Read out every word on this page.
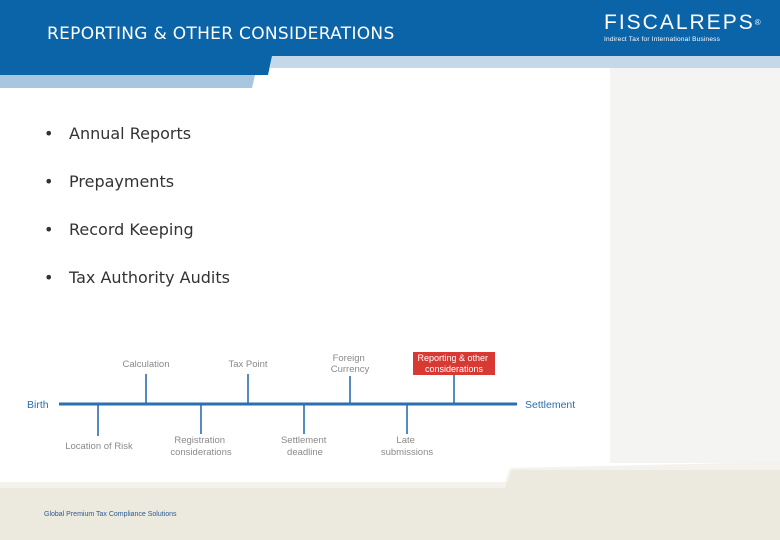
REPORTING & OTHER CONSIDERATIONS	FISCALREPS®
Indirect Tax for International Business
• Annual Reports
• Prepayments
• Record Keeping
• Tax Authority Audits
Birth	Settlement
Calculation	Tax Point
Foreign Currency
Reporting & other considerations
Location of Risk
Registration considerations
Settlement deadline
Late submissions
Global Premium Tax Compliance Solutions
